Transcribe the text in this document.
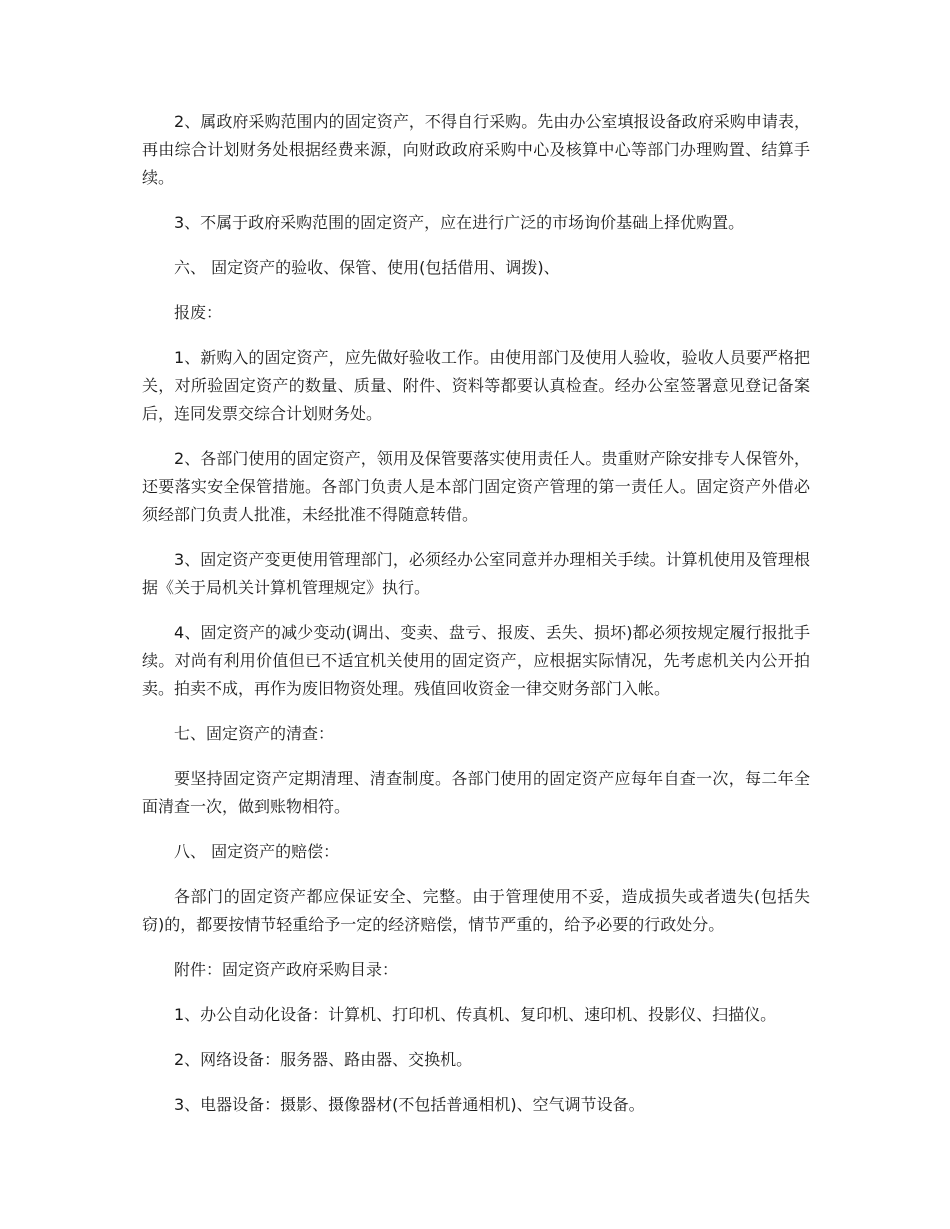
2、属政府采购范围内的固定资产，不得自行采购。先由办公室填报设备政府采购申请表，再由综合计划财务处根据经费来源，向财政政府采购中心及核算中心等部门办理购置、结算手续。

3、不属于政府采购范围的固定资产，应在进行广泛的市场询价基础上择优购置。

六、 固定资产的验收、保管、使用(包括借用、调拨)、

报废：

1、新购入的固定资产，应先做好验收工作。由使用部门及使用人验收，验收人员要严格把关，对所验固定资产的数量、质量、附件、资料等都要认真检查。经办公室签署意见登记备案后，连同发票交综合计划财务处。

2、各部门使用的固定资产，领用及保管要落实使用责任人。贵重财产除安排专人保管外，还要落实安全保管措施。各部门负责人是本部门固定资产管理的第一责任人。固定资产外借必须经部门负责人批准，未经批准不得随意转借。

3、固定资产变更使用管理部门，必须经办公室同意并办理相关手续。计算机使用及管理根据《关于局机关计算机管理规定》执行。

4、固定资产的减少变动(调出、变卖、盘亏、报废、丢失、损坏)都必须按规定履行报批手续。对尚有利用价值但已不适宜机关使用的固定资产，应根据实际情况，先考虑机关内公开拍卖。拍卖不成，再作为废旧物资处理。残值回收资金一律交财务部门入帐。

七、固定资产的清查：

要坚持固定资产定期清理、清查制度。各部门使用的固定资产应每年自查一次，每二年全面清查一次，做到账物相符。

八、 固定资产的赔偿：

各部门的固定资产都应保证安全、完整。由于管理使用不妥，造成损失或者遗失(包括失窃)的，都要按情节轻重给予一定的经济赔偿，情节严重的，给予必要的行政处分。

附件：固定资产政府采购目录：

1、办公自动化设备：计算机、打印机、传真机、复印机、速印机、投影仪、扫描仪。

2、网络设备：服务器、路由器、交换机。

3、电器设备：摄影、摄像器材(不包括普通相机)、空气调节设备。
